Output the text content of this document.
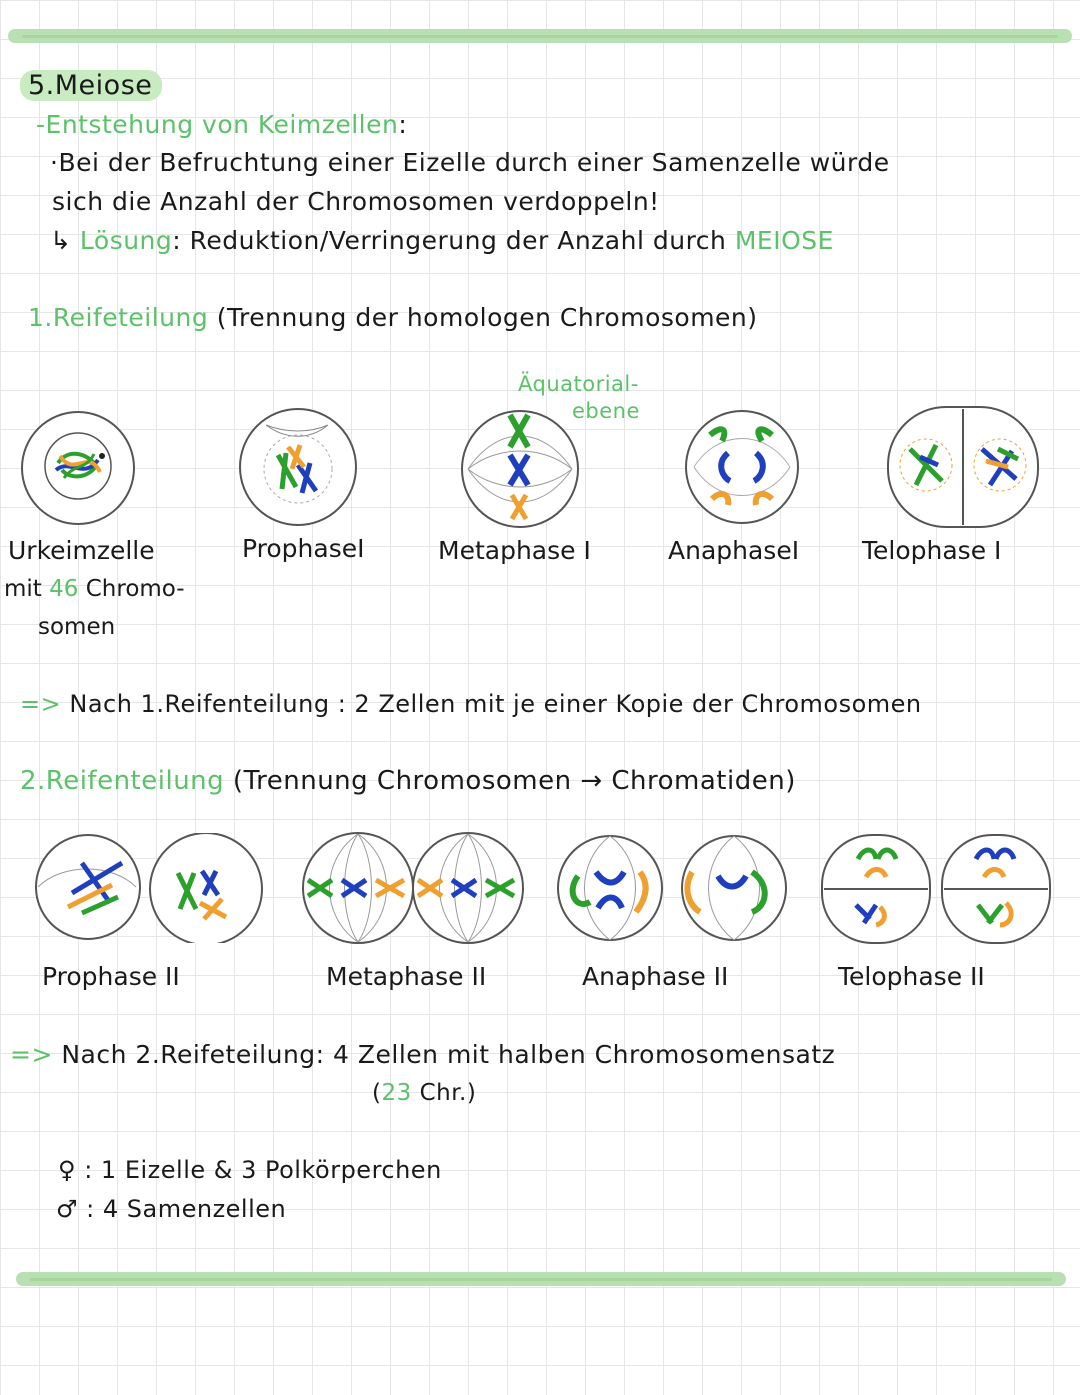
5.Meiose
-Entstehung von Keimzellen:
·Bei der Befruchtung einer Eizelle durch einer Samenzelle würde
sich die Anzahl der Chromosomen verdoppeln!
↳ Lösung: Reduktion/Verringerung der Anzahl durch MEIOSE
1.Reifeteilung (Trennung der homologen Chromosomen)
Äquatorial-
ebene
Urkeimzelle
mit 46 Chromo-
somen
ProphaseI	Metaphase I	AnaphaseI	Telophase I
=> Nach 1.Reifenteilung : 2 Zellen mit je einer Kopie der Chromosomen
2.Reifenteilung (Trennung Chromosomen → Chromatiden)
Prophase II	Metaphase II	Anaphase II	Telophase II
=> Nach 2.Reifeteilung: 4 Zellen mit halben Chromosomensatz
(23 Chr.)
♀ : 1 Eizelle & 3 Polkörperchen
♂ : 4 Samenzellen
